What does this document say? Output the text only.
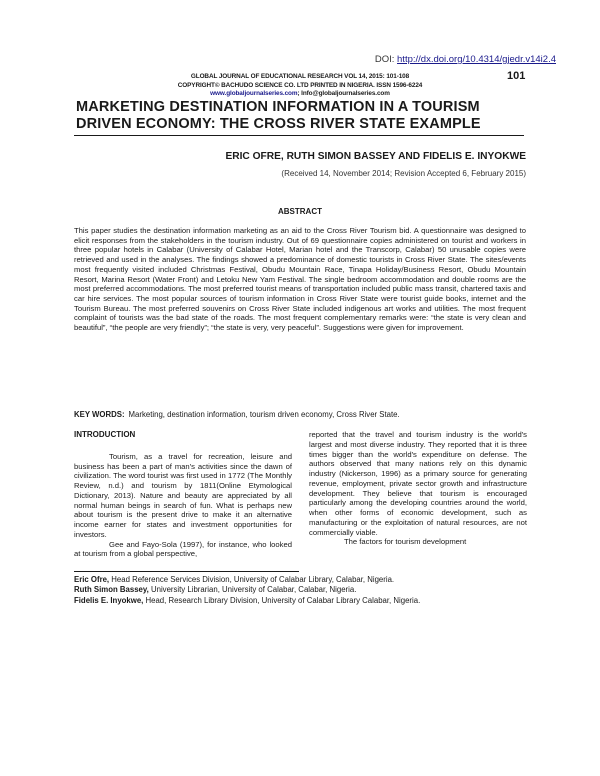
DOI: http://dx.doi.org/10.4314/gjedr.v14i2.4
GLOBAL JOURNAL OF EDUCATIONAL RESEARCH VOL 14, 2015: 101-108
COPYRIGHT© BACHUDO SCIENCE CO. LTD PRINTED IN NIGERIA. ISSN 1596-6224
www.globaljournalseries.com; Info@globaljournalseries.com
101
MARKETING DESTINATION INFORMATION IN A TOURISM
DRIVEN ECONOMY: THE CROSS RIVER STATE EXAMPLE
ERIC OFRE, RUTH SIMON BASSEY AND FIDELIS E. INYOKWE
(Received 14, November 2014; Revision Accepted 6, February 2015)
ABSTRACT
This paper studies the destination information marketing as an aid to the Cross River Tourism bid. A questionnaire was designed to elicit responses from the stakeholders in the tourism industry. Out of 69 questionnaire copies administered on tourist and workers in three popular hotels in Calabar (University of Calabar Hotel, Marian hotel and the Transcorp, Calabar) 50 unusable copies were retrieved and used in the analyses. The findings showed a predominance of domestic tourists in Cross River State. The sites/events most frequently visited included Christmas Festival, Obudu Mountain Race, Tinapa Holiday/Business Resort, Obudu Mountain Resort, Marina Resort (Water Front) and Letoku New Yam Festival. The single bedroom accommodation and double rooms are the most preferred accommodations. The most preferred tourist means of transportation included public mass transit, chartered taxis and car hire services. The most popular sources of tourism information in Cross River State were tourist guide books, internet and the Tourism Bureau. The most preferred souvenirs on Cross River State included indigenous art works and utilities. The most frequent complaint of tourists was the bad state of the roads. The most frequent complementary remarks were: “the state is very clean and beautiful”, “the people are very friendly”; “the state is very, very peaceful”. Suggestions were given for improvement.
KEY WORDS: Marketing, destination information, tourism driven economy, Cross River State.

INTRODUCTION

Tourism, as a travel for recreation, leisure and business has been a part of man's activities since the dawn of civilization. The word tourist was first used in 1772 (The Monthly Review, n.d.) and tourism by 1811(Online Etymological Dictionary, 2013). Nature and beauty are appreciated by all normal human beings in search of fun. What is perhaps new about tourism is the present drive to make it an alternative income earner for states and investment opportunities for investors.

Gee and Fayo-Sola (1997), for instance, who looked at tourism from a global perspective,

reported that the travel and tourism industry is the world's largest and most diverse industry. They reported that it is three times bigger than the world's expenditure on defense. The authors observed that many nations rely on this dynamic industry (Nickerson, 1996) as a primary source for generating revenue, employment, private sector growth and infrastructure development. They believe that tourism is encouraged particularly among the developing countries around the world, when other forms of economic development, such as manufacturing or the exploitation of natural resources, are not commercially viable.

The factors for tourism development

Eric Ofre, Head Reference Services Division, University of Calabar Library, Calabar, Nigeria.
Ruth Simon Bassey, University Librarian, University of Calabar, Calabar, Nigeria.
Fidelis E. Inyokwe, Head, Research Library Division, University of Calabar Library Calabar, Nigeria.
